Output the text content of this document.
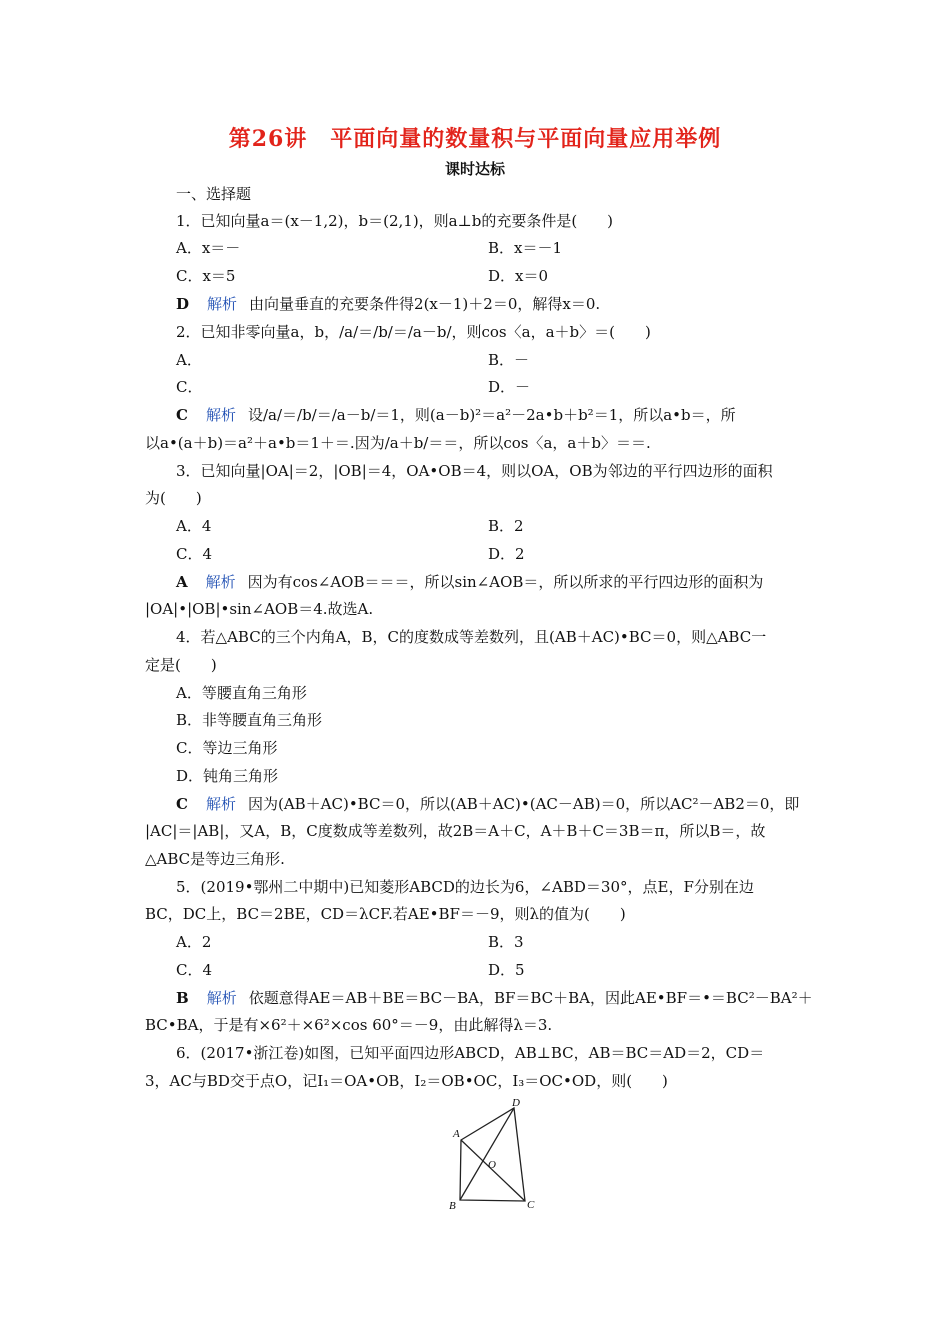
第26讲　平面向量的数量积与平面向量应用举例
课时达标
一、选择题
1．已知向量a＝(x－1,2)，b＝(2,1)，则a⊥b的充要条件是(　　)
A．x＝－	B．x＝－1
C．x＝5	D．x＝0
D 解析 由向量垂直的充要条件得2(x－1)＋2＝0，解得x＝0.
2．已知非零向量a，b，/a/＝/b/＝/a－b/，则cos〈a，a＋b〉＝(　　)
A．	B．－
C．	D．－
C 解析 设/a/＝/b/＝/a－b/＝1，则(a－b)²＝a²－2a•b＋b²＝1，所以a•b＝，所
以a•(a＋b)＝a²＋a•b＝1＋＝.因为/a＋b/＝＝，所以cos〈a，a＋b〉＝＝.
3．已知向量|OA|＝2，|OB|＝4，OA•OB＝4，则以OA，OB为邻边的平行四边形的面积
为(　　)
A．4	B．2
C．4	D．2
A 解析 因为有cos∠AOB＝＝＝，所以sin∠AOB＝，所以所求的平行四边形的面积为
|OA|•|OB|•sin∠AOB＝4.故选A.
4．若△ABC的三个内角A，B，C的度数成等差数列，且(AB＋AC)•BC＝0，则△ABC一
定是(　　)
A．等腰直角三角形
B．非等腰直角三角形
C．等边三角形
D．钝角三角形
C 解析 因为(AB＋AC)•BC＝0，所以(AB＋AC)•(AC－AB)＝0，所以AC²－AB2＝0，即
|AC|＝|AB|，又A，B，C度数成等差数列，故2B＝A＋C，A＋B＋C＝3B＝π，所以B＝，故
△ABC是等边三角形.
5．(2019•鄂州二中期中)已知菱形ABCD的边长为6，∠ABD＝30°，点E，F分别在边
BC，DC上，BC＝2BE，CD＝λCF.若AE•BF＝－9，则λ的值为(　　)
A．2	B．3
C．4	D．5
B 解析 依题意得AE＝AB＋BE＝BC－BA，BF＝BC＋BA，因此AE•BF＝•＝BC²－BA²＋
BC•BA，于是有×6²＋×6²×cos 60°＝－9，由此解得λ＝3.
6．(2017•浙江卷)如图，已知平面四边形ABCD，AB⊥BC，AB＝BC＝AD＝2，CD＝
3，AC与BD交于点O，记I₁＝OA•OB，I₂＝OB•OC，I₃＝OC•OD，则(　　)
A
B	C
D
O
